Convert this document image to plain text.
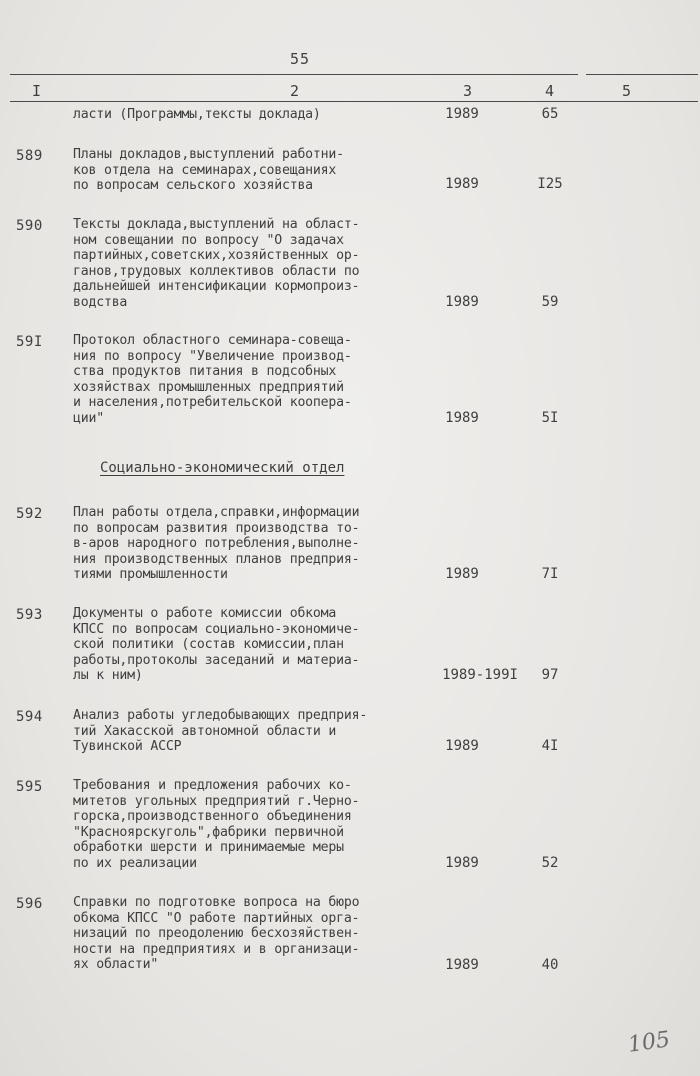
55
I	2	3	4	5
ласти (Программы,тексты доклада)	1989	65
589 Планы докладов,выступлений работни-
ков отдела на семинарах,совещаниях
по вопросам сельского хозяйства	1989	I25
590 Тексты доклада,выступлений на област-
ном совещании по вопросу "О задачах
партийных,советских,хозяйственных ор-
ганов,трудовых коллективов области по
дальнейшей интенсификации кормопроиз-
водства	1989	59
59I Протокол областного семинара-совеща-
ния по вопросу "Увеличение производ-
ства продуктов питания в подсобных
хозяйствах промышленных предприятий
и населения,потребительской коопера-
ции"	1989	5I
Социально-экономический отдел
592 План работы отдела,справки,информации
по вопросам развития производства то-
в-аров народного потребления,выполне-
ния производственных планов предприя-
тиями промышленности	1989	7I
593 Документы о работе комиссии обкома
КПСС по вопросам социально-экономиче-
ской политики (состав комиссии,план
работы,протоколы заседаний и материа-
лы к ним)	1989-199I	97
594 Анализ работы угледобывающих предприя-
тий Хакасской автономной области и
Тувинской АССР	1989	4I
595 Требования и предложения рабочих ко-
митетов угольных предприятий г.Черно-
горска,производственного объединения
"Красноярскуголь",фабрики первичной
обработки шерсти и принимаемые меры
по их реализации	1989	52
596 Справки по подготовке вопроса на бюро
обкома КПСС "О работе партийных орга-
низаций по преодолению бесхозяйствен-
ности на предприятиях и в организаци-
ях области"	1989	40
105
